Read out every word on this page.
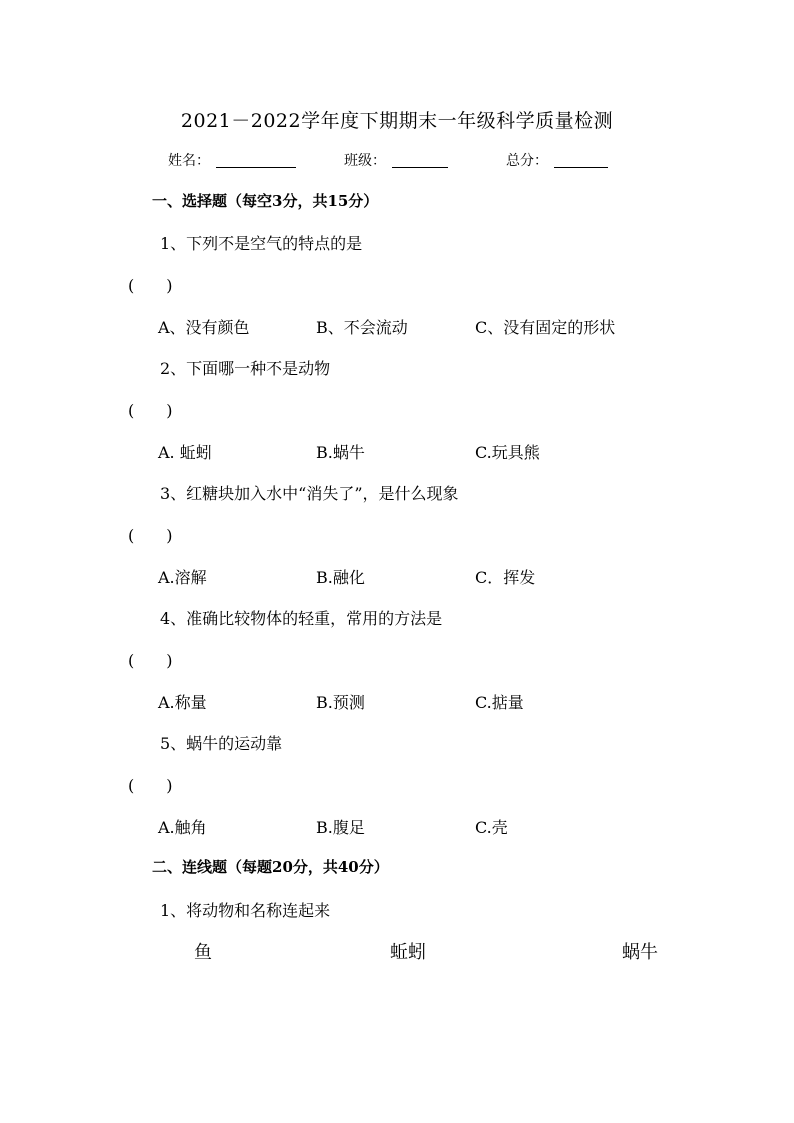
2021－2022学年度下期期末一年级科学质量检测
姓名：	班级：	总分：
一、选择题（每空3分，共15分）
1、下列不是空气的特点的是
(　　)
A、没有颜色	B、不会流动	C、没有固定的形状
2、下面哪一种不是动物
(　　)
A. 蚯蚓	B.蜗牛	C.玩具熊
3、红糖块加入水中“消失了”，是什么现象
(　　)
A.溶解	B.融化	C．挥发
4、准确比较物体的轻重，常用的方法是
(　　)
A.称量	B.预测	C.掂量
5、蜗牛的运动靠
(　　)
A.触角	B.腹足	C.壳
二、连线题（每题20分，共40分）
1、将动物和名称连起来
鱼	蚯蚓	蜗牛
